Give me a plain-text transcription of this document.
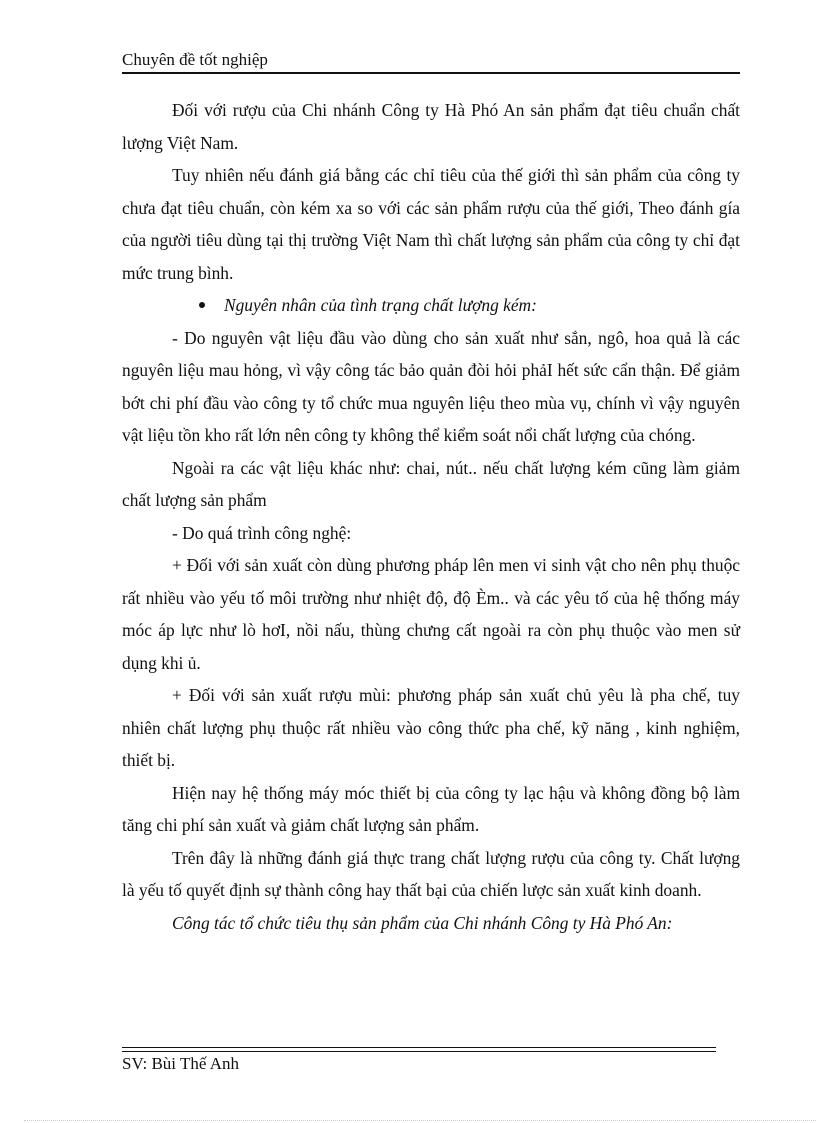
Chuyên đề tốt nghiệp

Đối với rượu của Chi nhánh Công ty Hà Phó An sản phẩm đạt tiêu chuẩn chất lượng Việt Nam.

Tuy nhiên nếu đánh giá bằng các chỉ tiêu của thế giới thì sản phẩm của công ty chưa đạt tiêu chuẩn, còn kém xa so với các sản phẩm rượu của thế giới, Theo đánh gía của người tiêu dùng tại thị trường Việt Nam thì chất lượng sản phẩm của công ty chỉ đạt mức trung bình.

Nguyên nhân của tình trạng chất lượng kém:

- Do nguyên vật liệu đầu vào dùng cho sản xuất như sắn, ngô, hoa quả là các nguyên liệu mau hỏng, vì vậy công tác bảo quản đòi hỏi phảI hết sức cẩn thận. Để giảm bớt chi phí đầu vào công ty tổ chức mua nguyên liệu theo mùa vụ, chính vì vậy nguyên vật liệu tồn kho rất lớn nên công ty không thể kiểm soát nổi chất lượng của chóng.

Ngoài ra các vật liệu khác như: chai, nút.. nếu chất lượng kém cũng làm giảm chất lượng sản phẩm

- Do quá trình công nghệ:

+ Đối với sản xuất còn dùng phương pháp lên men vi sinh vật cho nên phụ thuộc rất nhiều vào yếu tố môi trường như nhiệt độ, độ Èm.. và các yêu tố của hệ thống máy móc áp lực như lò hơI, nồi nấu, thùng chưng cất ngoài ra còn phụ thuộc vào men sử dụng khi ủ.

+ Đối với sản xuất rượu mùi: phương pháp sản xuất chủ yêu là pha chế, tuy nhiên chất lượng phụ thuộc rất nhiều vào công thức pha chế, kỹ năng , kinh nghiệm, thiết bị.

Hiện nay hệ thống máy móc thiết bị của công ty lạc hậu và không đồng bộ làm tăng chi phí sản xuất và giảm chất lượng sản phẩm.

Trên đây là những đánh giá thực trang chất lượng rượu của công ty. Chất lượng là yếu tố quyết định sự thành công hay thất bại của chiến lược sản xuất kinh doanh.

Công tác tổ chức tiêu thụ sản phẩm của Chi nhánh Công ty Hà Phó An:

SV: Bùi Thế Anh
